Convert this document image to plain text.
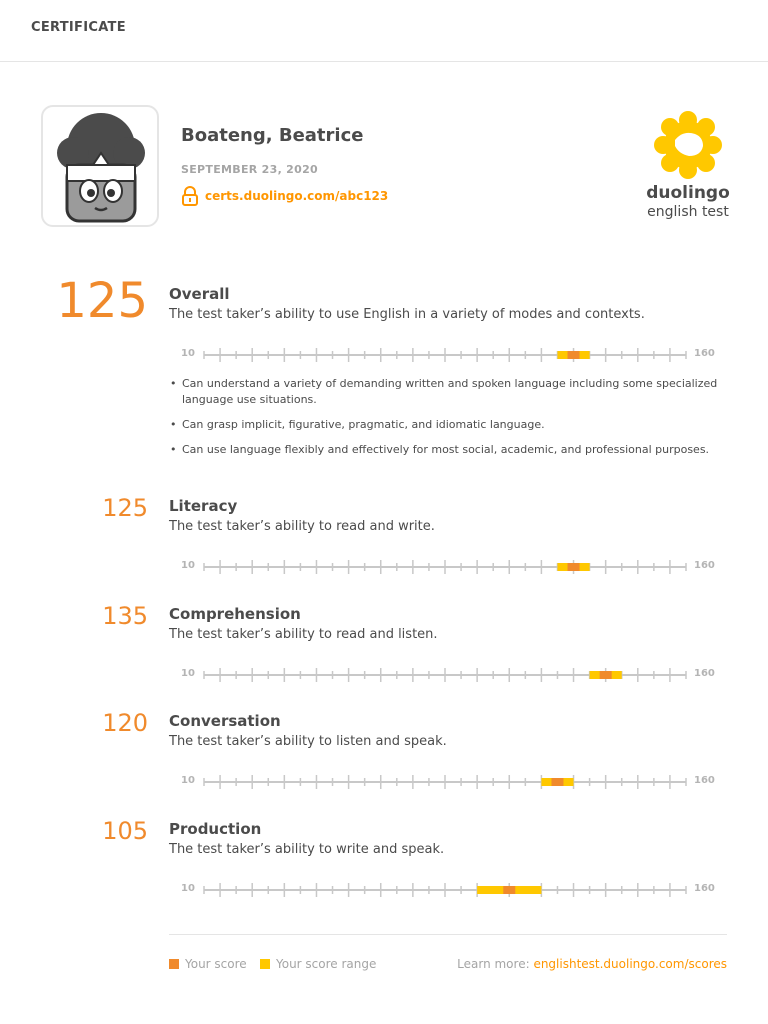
CERTIFICATE
Boateng, Beatrice
SEPTEMBER 23, 2020
certs.duolingo.com/abc123	duolingo
english test
125 Overall
The test taker’s ability to use English in a variety of modes and contexts.
10	160
• Can understand a variety of demanding written and spoken language including some specialized language use situations.
• Can grasp implicit, figurative, pragmatic, and idiomatic language.
• Can use language flexibly and effectively for most social, academic, and professional purposes.
125 Literacy
The test taker’s ability to read and write.
10	160
135 Comprehension
The test taker’s ability to read and listen.
10	160
120 Conversation
The test taker’s ability to listen and speak.
10	160
105 Production
The test taker’s ability to write and speak.
10	160
Your score Your score range	Learn more: englishtest.duolingo.com/scores
